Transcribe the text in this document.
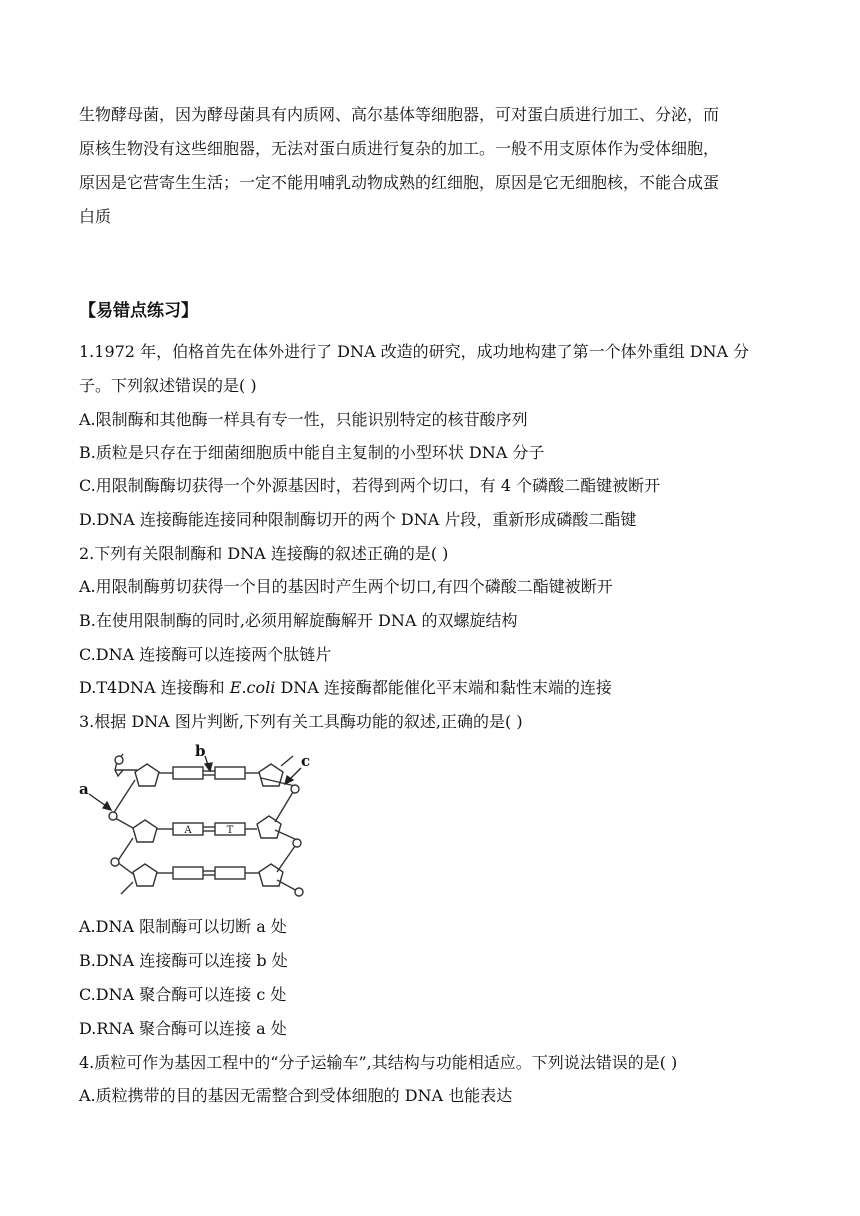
生物酵母菌，因为酵母菌具有内质网、高尔基体等细胞器，可对蛋白质进行加工、分泌，而
原核生物没有这些细胞器，无法对蛋白质进行复杂的加工。一般不用支原体作为受体细胞，
原因是它营寄生生活；一定不能用哺乳动物成熟的红细胞，原因是它无细胞核，不能合成蛋
白质
【易错点练习】
1.1972 年，伯格首先在体外进行了 DNA 改造的研究，成功地构建了第一个体外重组 DNA 分
子。下列叙述错误的是( )
A.限制酶和其他酶一样具有专一性，只能识别特定的核苷酸序列
B.质粒是只存在于细菌细胞质中能自主复制的小型环状 DNA 分子
C.用限制酶酶切获得一个外源基因时，若得到两个切口，有 4 个磷酸二酯键被断开
D.DNA 连接酶能连接同种限制酶切开的两个 DNA 片段，重新形成磷酸二酯键
2.下列有关限制酶和 DNA 连接酶的叙述正确的是( )
A.用限制酶剪切获得一个目的基因时产生两个切口,有四个磷酸二酯键被断开
B.在使用限制酶的同时,必须用解旋酶解开 DNA 的双螺旋结构
C.DNA 连接酶可以连接两个肽链片
D.T4DNA 连接酶和 E.coli DNA 连接酶都能催化平末端和黏性末端的连接
3.根据 DNA 图片判断,下列有关工具酶功能的叙述,正确的是( )
a
b
c
A	T
A.DNA 限制酶可以切断 a 处
B.DNA 连接酶可以连接 b 处
C.DNA 聚合酶可以连接 c 处
D.RNA 聚合酶可以连接 a 处
4.质粒可作为基因工程中的“分子运输车”,其结构与功能相适应。下列说法错误的是( )
A.质粒携带的目的基因无需整合到受体细胞的 DNA 也能表达
